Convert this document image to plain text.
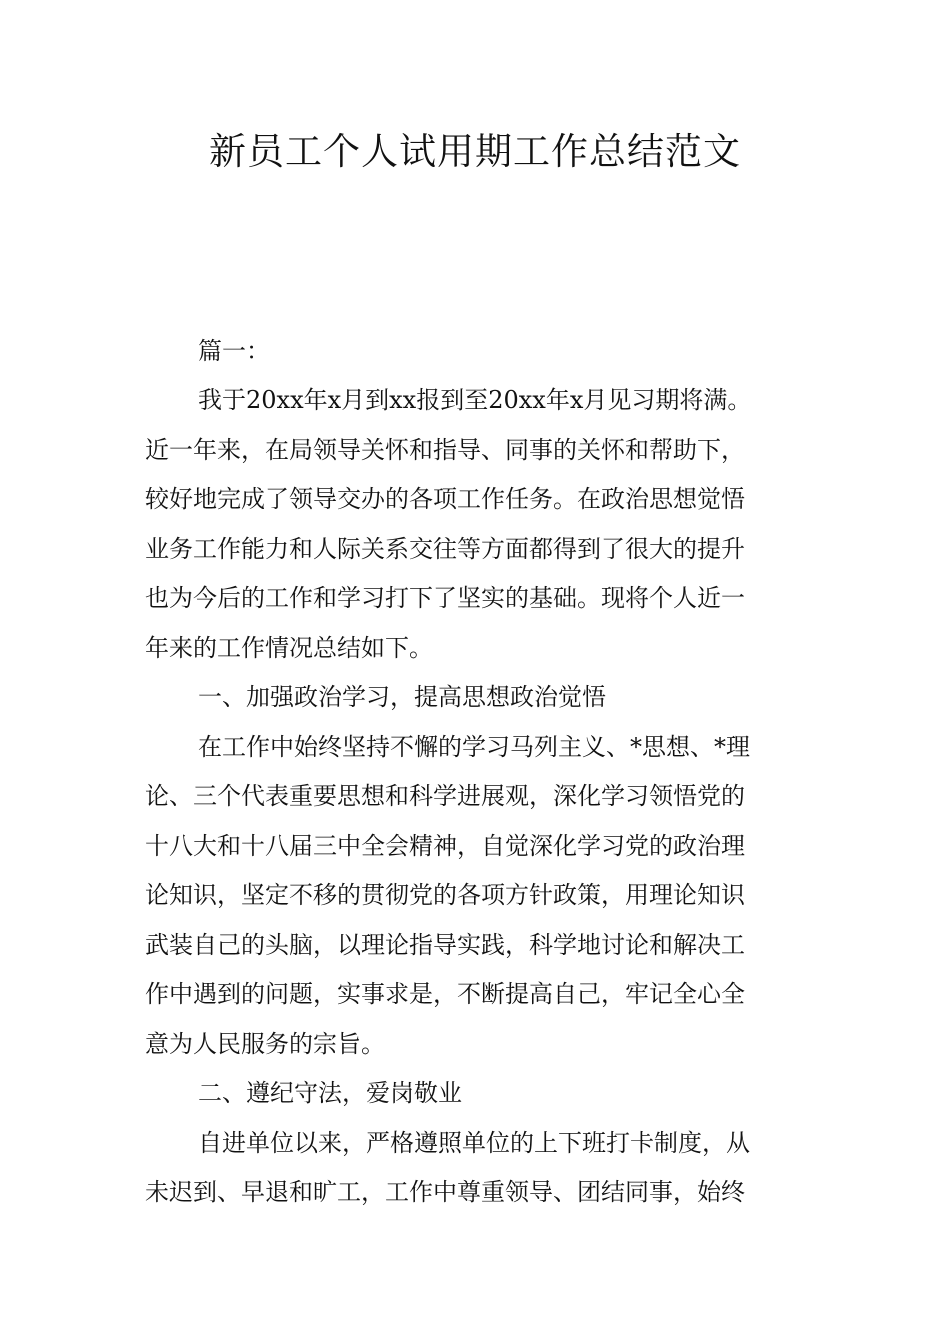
新员工个人试用期工作总结范文
篇一：
我于20xx年x月到xx报到至20xx年x月见习期将满。
近一年来，在局领导关怀和指导、同事的关怀和帮助下，
较好地完成了领导交办的各项工作任务。在政治思想觉悟
业务工作能力和人际关系交往等方面都得到了很大的提升
也为今后的工作和学习打下了坚实的基础。现将个人近一
年来的工作情况总结如下。
一、加强政治学习，提高思想政治觉悟
在工作中始终坚持不懈的学习马列主义、*思想、*理
论、三个代表重要思想和科学进展观，深化学习领悟党的
十八大和十八届三中全会精神，自觉深化学习党的政治理
论知识，坚定不移的贯彻党的各项方针政策，用理论知识
武装自己的头脑，以理论指导实践，科学地讨论和解决工
作中遇到的问题，实事求是，不断提高自己，牢记全心全
意为人民服务的宗旨。
二、遵纪守法，爱岗敬业
自进单位以来，严格遵照单位的上下班打卡制度，从
未迟到、早退和旷工，工作中尊重领导、团结同事，始终
